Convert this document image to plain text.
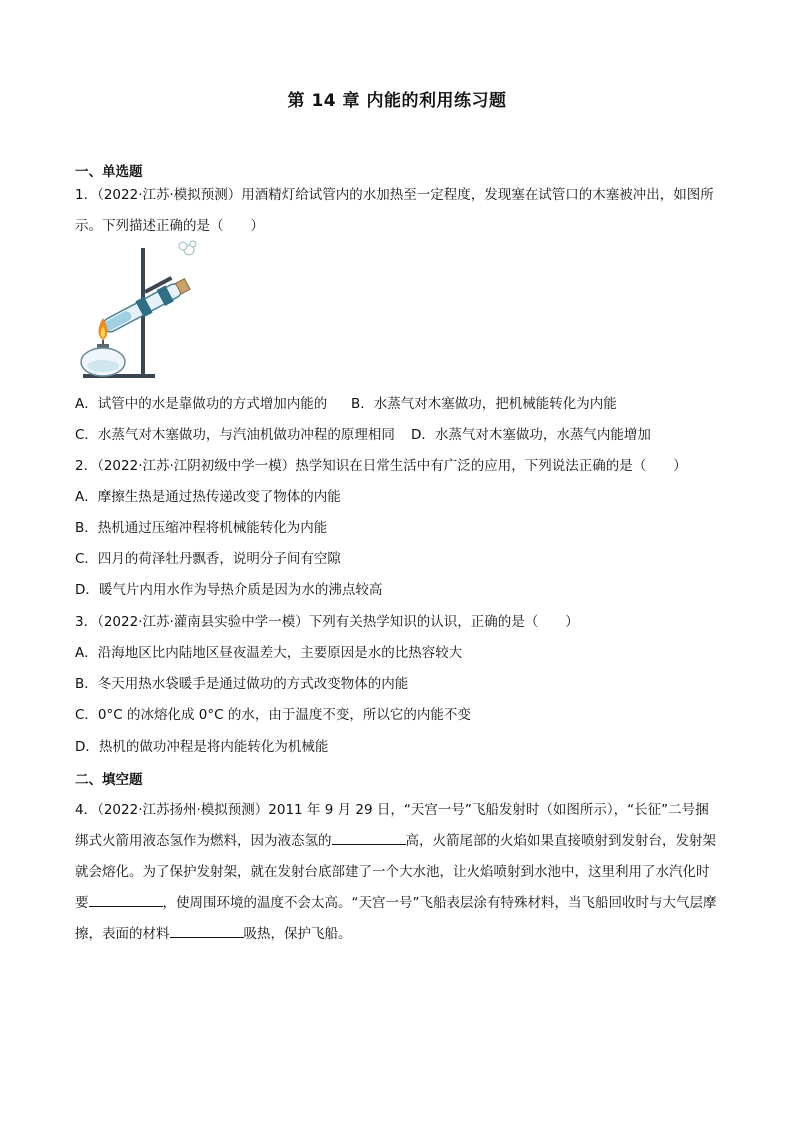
第 14 章 内能的利用练习题
一、单选题
1．（2022·江苏·模拟预测）用酒精灯给试管内的水加热至一定程度，发现塞在试管口的木塞被冲出，如图所示。下列描述正确的是（　　）
A．试管中的水是靠做功的方式增加内能的 B．水蒸气对木塞做功，把机械能转化为内能
C．水蒸气对木塞做功，与汽油机做功冲程的原理相同 D．水蒸气对木塞做功，水蒸气内能增加
2．（2022·江苏·江阴初级中学一模）热学知识在日常生活中有广泛的应用，下列说法正确的是（　　）
A．摩擦生热是通过热传递改变了物体的内能
B．热机通过压缩冲程将机械能转化为内能
C．四月的荷泽牡丹飘香，说明分子间有空隙
D．暖气片内用水作为导热介质是因为水的沸点较高
3．（2022·江苏·灌南县实验中学一模）下列有关热学知识的认识，正确的是（　　）
A．沿海地区比内陆地区昼夜温差大，主要原因是水的比热容较大
B．冬天用热水袋暖手是通过做功的方式改变物体的内能
C．0°C 的冰熔化成 0°C 的水，由于温度不变，所以它的内能不变
D．热机的做功冲程是将内能转化为机械能
二、填空题
4．（2022·江苏扬州·模拟预测）2011 年 9 月 29 日，“天宫一号”飞船发射时（如图所示），“长征”二号捆绑式火箭用液态氢作为燃料，因为液态氢的	高，火箭尾部的火焰如果直接喷射到发射台，发射架就会熔化。为了保护发射架，就在发射台底部建了一个大水池，让火焰喷射到水池中，这里利用了水汽化时要	，使周围环境的温度不会太高。“天宫一号”飞船表层涂有特殊材料，当飞船回收时与大气层摩擦，表面的材料	吸热，保护飞船。
